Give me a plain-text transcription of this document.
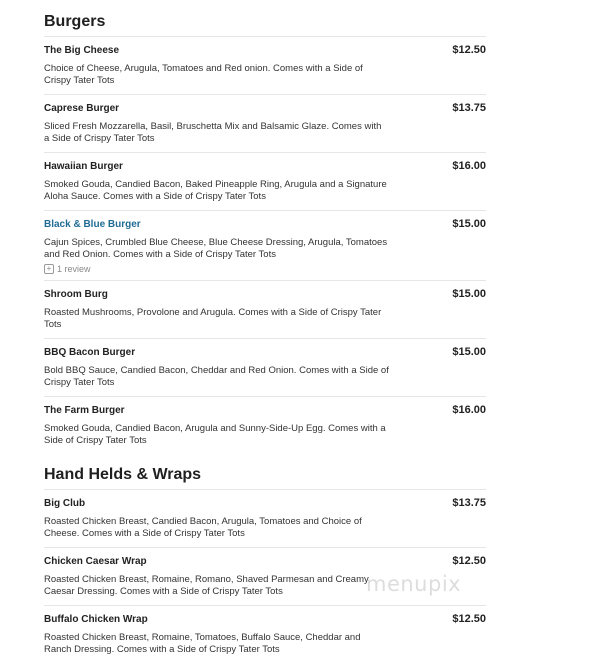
Burgers
The Big Cheese	$12.50
Choice of Cheese, Arugula, Tomatoes and Red onion. Comes with a Side of Crispy Tater Tots
Caprese Burger	$13.75
Sliced Fresh Mozzarella, Basil, Bruschetta Mix and Balsamic Glaze. Comes with a Side of Crispy Tater Tots
Hawaiian Burger	$16.00
Smoked Gouda, Candied Bacon, Baked Pineapple Ring, Arugula and a Signature Aloha Sauce. Comes with a Side of Crispy Tater Tots
Black & Blue Burger	$15.00
Cajun Spices, Crumbled Blue Cheese, Blue Cheese Dressing, Arugula, Tomatoes and Red Onion. Comes with a Side of Crispy Tater Tots
+ 1 review
Shroom Burg	$15.00
Roasted Mushrooms, Provolone and Arugula. Comes with a Side of Crispy Tater Tots
BBQ Bacon Burger	$15.00
Bold BBQ Sauce, Candied Bacon, Cheddar and Red Onion. Comes with a Side of Crispy Tater Tots
The Farm Burger	$16.00
Smoked Gouda, Candied Bacon, Arugula and Sunny-Side-Up Egg. Comes with a Side of Crispy Tater Tots
Hand Helds & Wraps
Big Club	$13.75
Roasted Chicken Breast, Candied Bacon, Arugula, Tomatoes and Choice of Cheese. Comes with a Side of Crispy Tater Tots
Chicken Caesar Wrap	$12.50
Roasted Chicken Breast, Romaine, Romano, Shaved Parmesan and Creamy Caesar Dressing. Comes with a Side of Crispy Tater Tots
Buffalo Chicken Wrap	$12.50
Roasted Chicken Breast, Romaine, Tomatoes, Buffalo Sauce, Cheddar and Ranch Dressing. Comes with a Side of Crispy Tater Tots
menupix
